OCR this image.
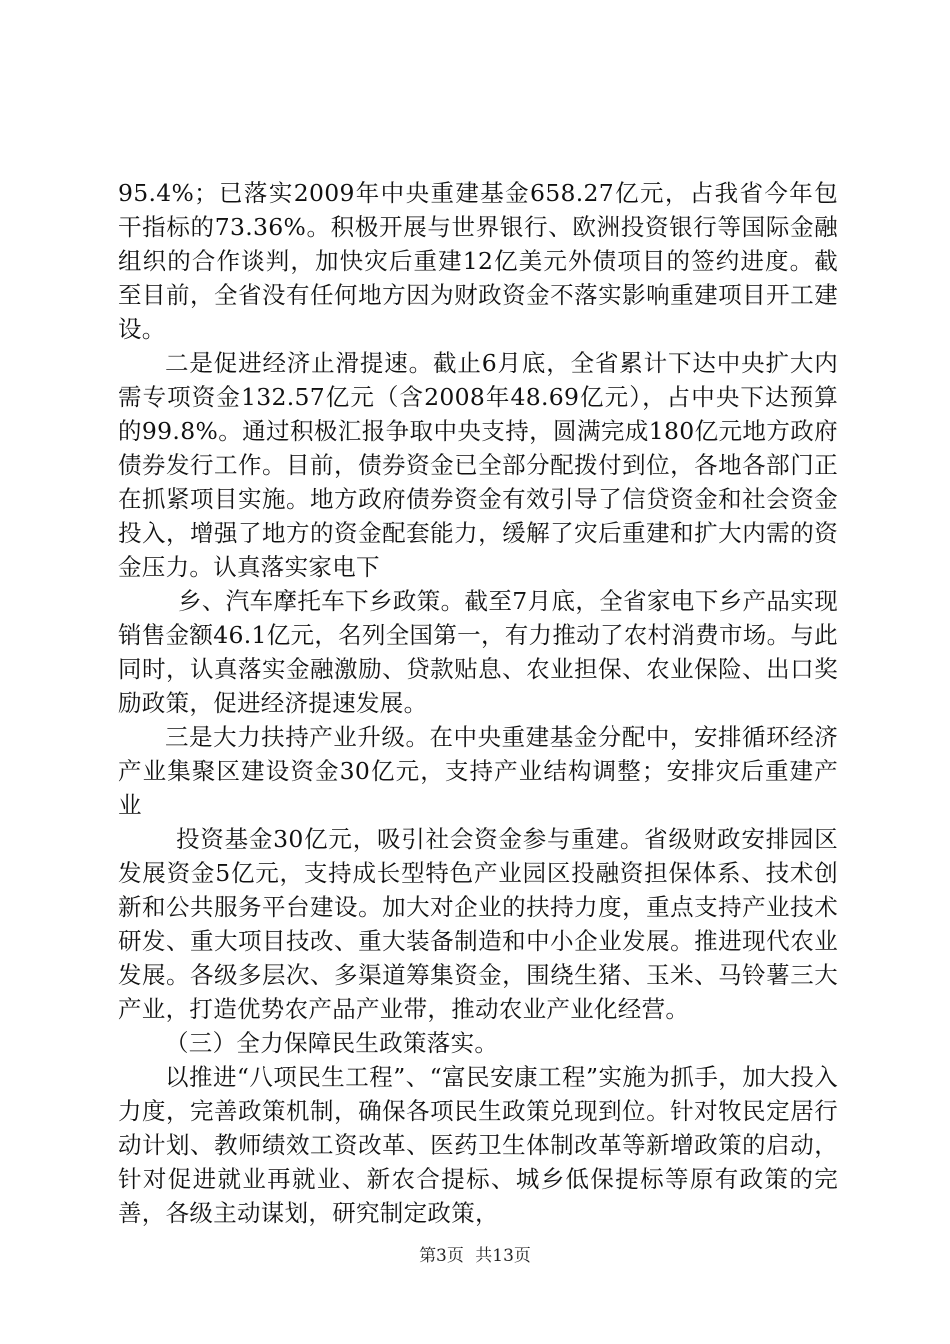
95.4%；已落实2009年中央重建基金658.27亿元，占我省今年包干指标的73.36%。积极开展与世界银行、欧洲投资银行等国际金融组织的合作谈判，加快灾后重建12亿美元外债项目的签约进度。截至目前，全省没有任何地方因为财政资金不落实影响重建项目开工建设。

二是促进经济止滑提速。截止6月底，全省累计下达中央扩大内需专项资金132.57亿元（含2008年48.69亿元），占中央下达预算的99.8%。通过积极汇报争取中央支持，圆满完成180亿元地方政府债券发行工作。目前，债券资金已全部分配拨付到位，各地各部门正在抓紧项目实施。地方政府债券资金有效引导了信贷资金和社会资金投入，增强了地方的资金配套能力，缓解了灾后重建和扩大内需的资金压力。认真落实家电下

乡、汽车摩托车下乡政策。截至7月底，全省家电下乡产品实现销售金额46.1亿元，名列全国第一，有力推动了农村消费市场。与此同时，认真落实金融激励、贷款贴息、农业担保、农业保险、出口奖励政策，促进经济提速发展。

三是大力扶持产业升级。在中央重建基金分配中，安排循环经济产业集聚区建设资金30亿元，支持产业结构调整；安排灾后重建产业

投资基金30亿元，吸引社会资金参与重建。省级财政安排园区发展资金5亿元，支持成长型特色产业园区投融资担保体系、技术创新和公共服务平台建设。加大对企业的扶持力度，重点支持产业技术研发、重大项目技改、重大装备制造和中小企业发展。推进现代农业发展。各级多层次、多渠道筹集资金，围绕生猪、玉米、马铃薯三大产业，打造优势农产品产业带，推动农业产业化经营。

（三）全力保障民生政策落实。

以推进“八项民生工程”、“富民安康工程”实施为抓手，加大投入力度，完善政策机制，确保各项民生政策兑现到位。针对牧民定居行动计划、教师绩效工资改革、医药卫生体制改革等新增政策的启动，针对促进就业再就业、新农合提标、城乡低保提标等原有政策的完善，各级主动谋划，研究制定政策，

第3页 共13页
